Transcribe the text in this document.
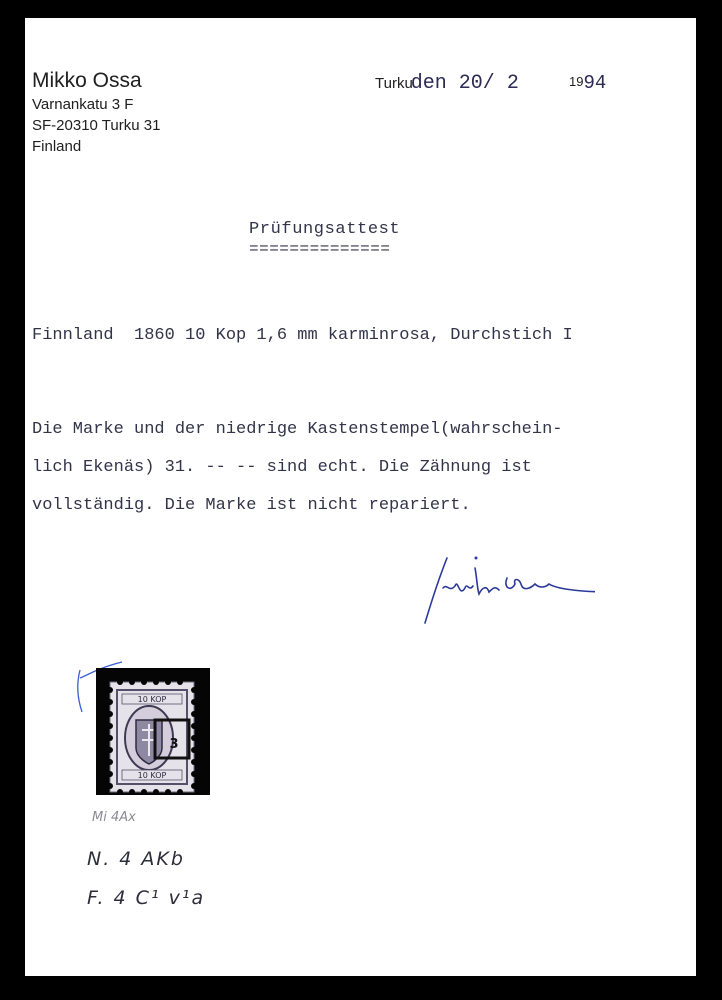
Mikko Ossa
Varnankatu 3 F
SF-20310 Turku 31
Finland
Turkuden 20/ 2	1994
Prüfungsattest
==============
Finnland  1860 10 Kop 1,6 mm karminrosa, Durchstich I
Die Marke und der niedrige Kastenstempel(wahrschein-
lich Ekenäs) 31. -- -- sind echt. Die Zähnung ist
vollständig. Die Marke ist nicht repariert.
10 KOP
10 KOP
3
Mi 4Ax
N. 4 AKb
F. 4 C¹ v¹a
